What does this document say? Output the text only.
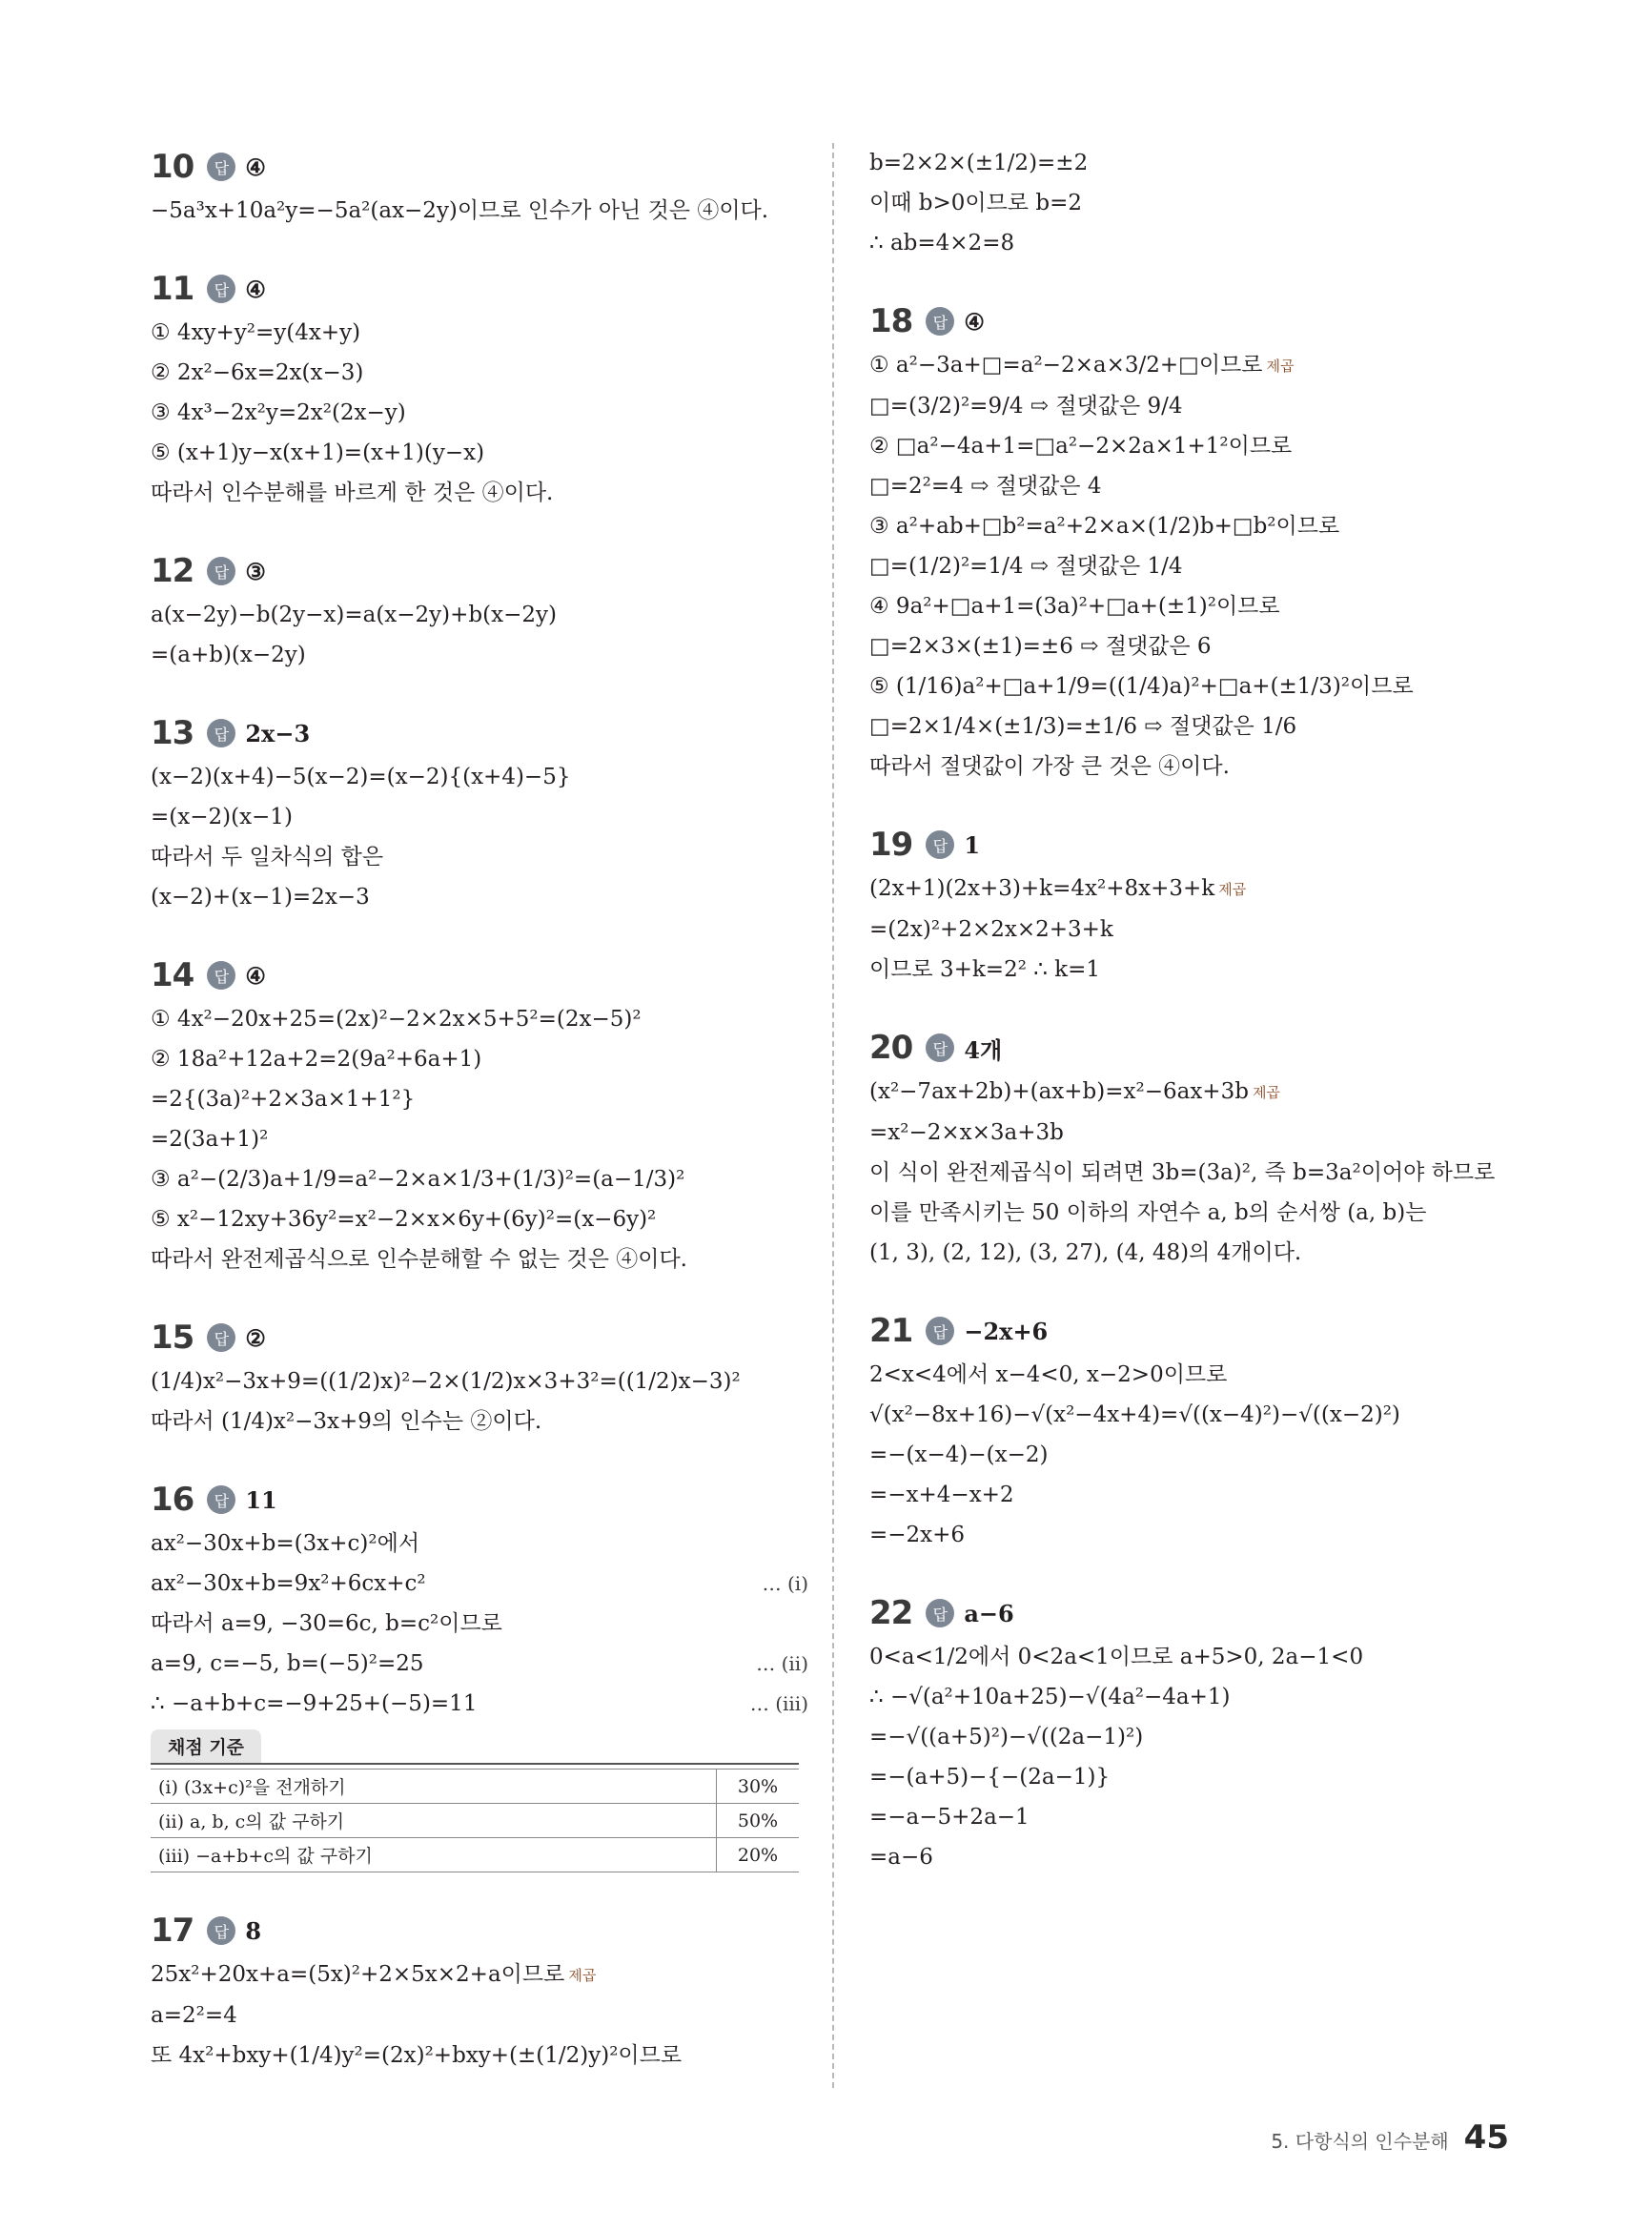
10	답 ④
−5a³x+10a²y=−5a²(ax−2y)이므로 인수가 아닌 것은 ④이다.
11	답 ④
① 4xy+y²=y(4x+y)
② 2x²−6x=2x(x−3)
③ 4x³−2x²y=2x²(2x−y)
⑤ (x+1)y−x(x+1)=(x+1)(y−x)
따라서 인수분해를 바르게 한 것은 ④이다.
12	답 ③
a(x−2y)−b(2y−x)=a(x−2y)+b(x−2y)
=(a+b)(x−2y)
13	답 2x−3
(x−2)(x+4)−5(x−2)=(x−2){(x+4)−5}
=(x−2)(x−1)
따라서 두 일차식의 합은
(x−2)+(x−1)=2x−3
14	답 ④
① 4x²−20x+25=(2x)²−2×2x×5+5²=(2x−5)²
② 18a²+12a+2=2(9a²+6a+1)
=2{(3a)²+2×3a×1+1²}
=2(3a+1)²
③ a²−(2/3)a+1/9=a²−2×a×1/3+(1/3)²=(a−1/3)²
⑤ x²−12xy+36y²=x²−2×x×6y+(6y)²=(x−6y)²
따라서 완전제곱식으로 인수분해할 수 없는 것은 ④이다.
15	답 ②
(1/4)x²−3x+9=((1/2)x)²−2×(1/2)x×3+3²=((1/2)x−3)²
따라서 (1/4)x²−3x+9의 인수는 ②이다.
16	답 11
ax²−30x+b=(3x+c)²에서
ax²−30x+b=9x²+6cx+c²	… (i)
따라서 a=9, −30=6c, b=c²이므로
a=9, c=−5, b=(−5)²=25	… (ii)
∴ −a+b+c=−9+25+(−5)=11	… (iii)
채점 기준
(i) (3x+c)²을 전개하기	30%
(ii) a, b, c의 값 구하기	50%
(iii) −a+b+c의 값 구하기	20%
17	답 8
25x²+20x+a=(5x)²+2×5x×2+a이므로 제곱
a=2²=4
또 4x²+bxy+(1/4)y²=(2x)²+bxy+(±(1/2)y)²이므로
b=2×2×(±1/2)=±2
이때 b>0이므로 b=2
∴ ab=4×2=8
18	답 ④
① a²−3a+□=a²−2×a×3/2+□이므로 제곱
□=(3/2)²=9/4 ⇨ 절댓값은 9/4
② □a²−4a+1=□a²−2×2a×1+1²이므로
□=2²=4 ⇨ 절댓값은 4
③ a²+ab+□b²=a²+2×a×(1/2)b+□b²이므로
□=(1/2)²=1/4 ⇨ 절댓값은 1/4
④ 9a²+□a+1=(3a)²+□a+(±1)²이므로
□=2×3×(±1)=±6 ⇨ 절댓값은 6
⑤ (1/16)a²+□a+1/9=((1/4)a)²+□a+(±1/3)²이므로
□=2×1/4×(±1/3)=±1/6 ⇨ 절댓값은 1/6
따라서 절댓값이 가장 큰 것은 ④이다.
19	답 1
(2x+1)(2x+3)+k=4x²+8x+3+k 제곱
=(2x)²+2×2x×2+3+k
이므로 3+k=2² ∴ k=1
20	답 4개
(x²−7ax+2b)+(ax+b)=x²−6ax+3b 제곱
=x²−2×x×3a+3b
이 식이 완전제곱식이 되려면 3b=(3a)², 즉 b=3a²이어야 하므로
이를 만족시키는 50 이하의 자연수 a, b의 순서쌍 (a, b)는
(1, 3), (2, 12), (3, 27), (4, 48)의 4개이다.
21	답 −2x+6
2<x<4에서 x−4<0, x−2>0이므로
√(x²−8x+16)−√(x²−4x+4)=√((x−4)²)−√((x−2)²)
=−(x−4)−(x−2)
=−x+4−x+2
=−2x+6
22	답 a−6
0<a<1/2에서 0<2a<1이므로 a+5>0, 2a−1<0
∴ −√(a²+10a+25)−√(4a²−4a+1)
=−√((a+5)²)−√((2a−1)²)
=−(a+5)−{−(2a−1)}
=−a−5+2a−1
=a−6
5. 다항식의 인수분해 45
